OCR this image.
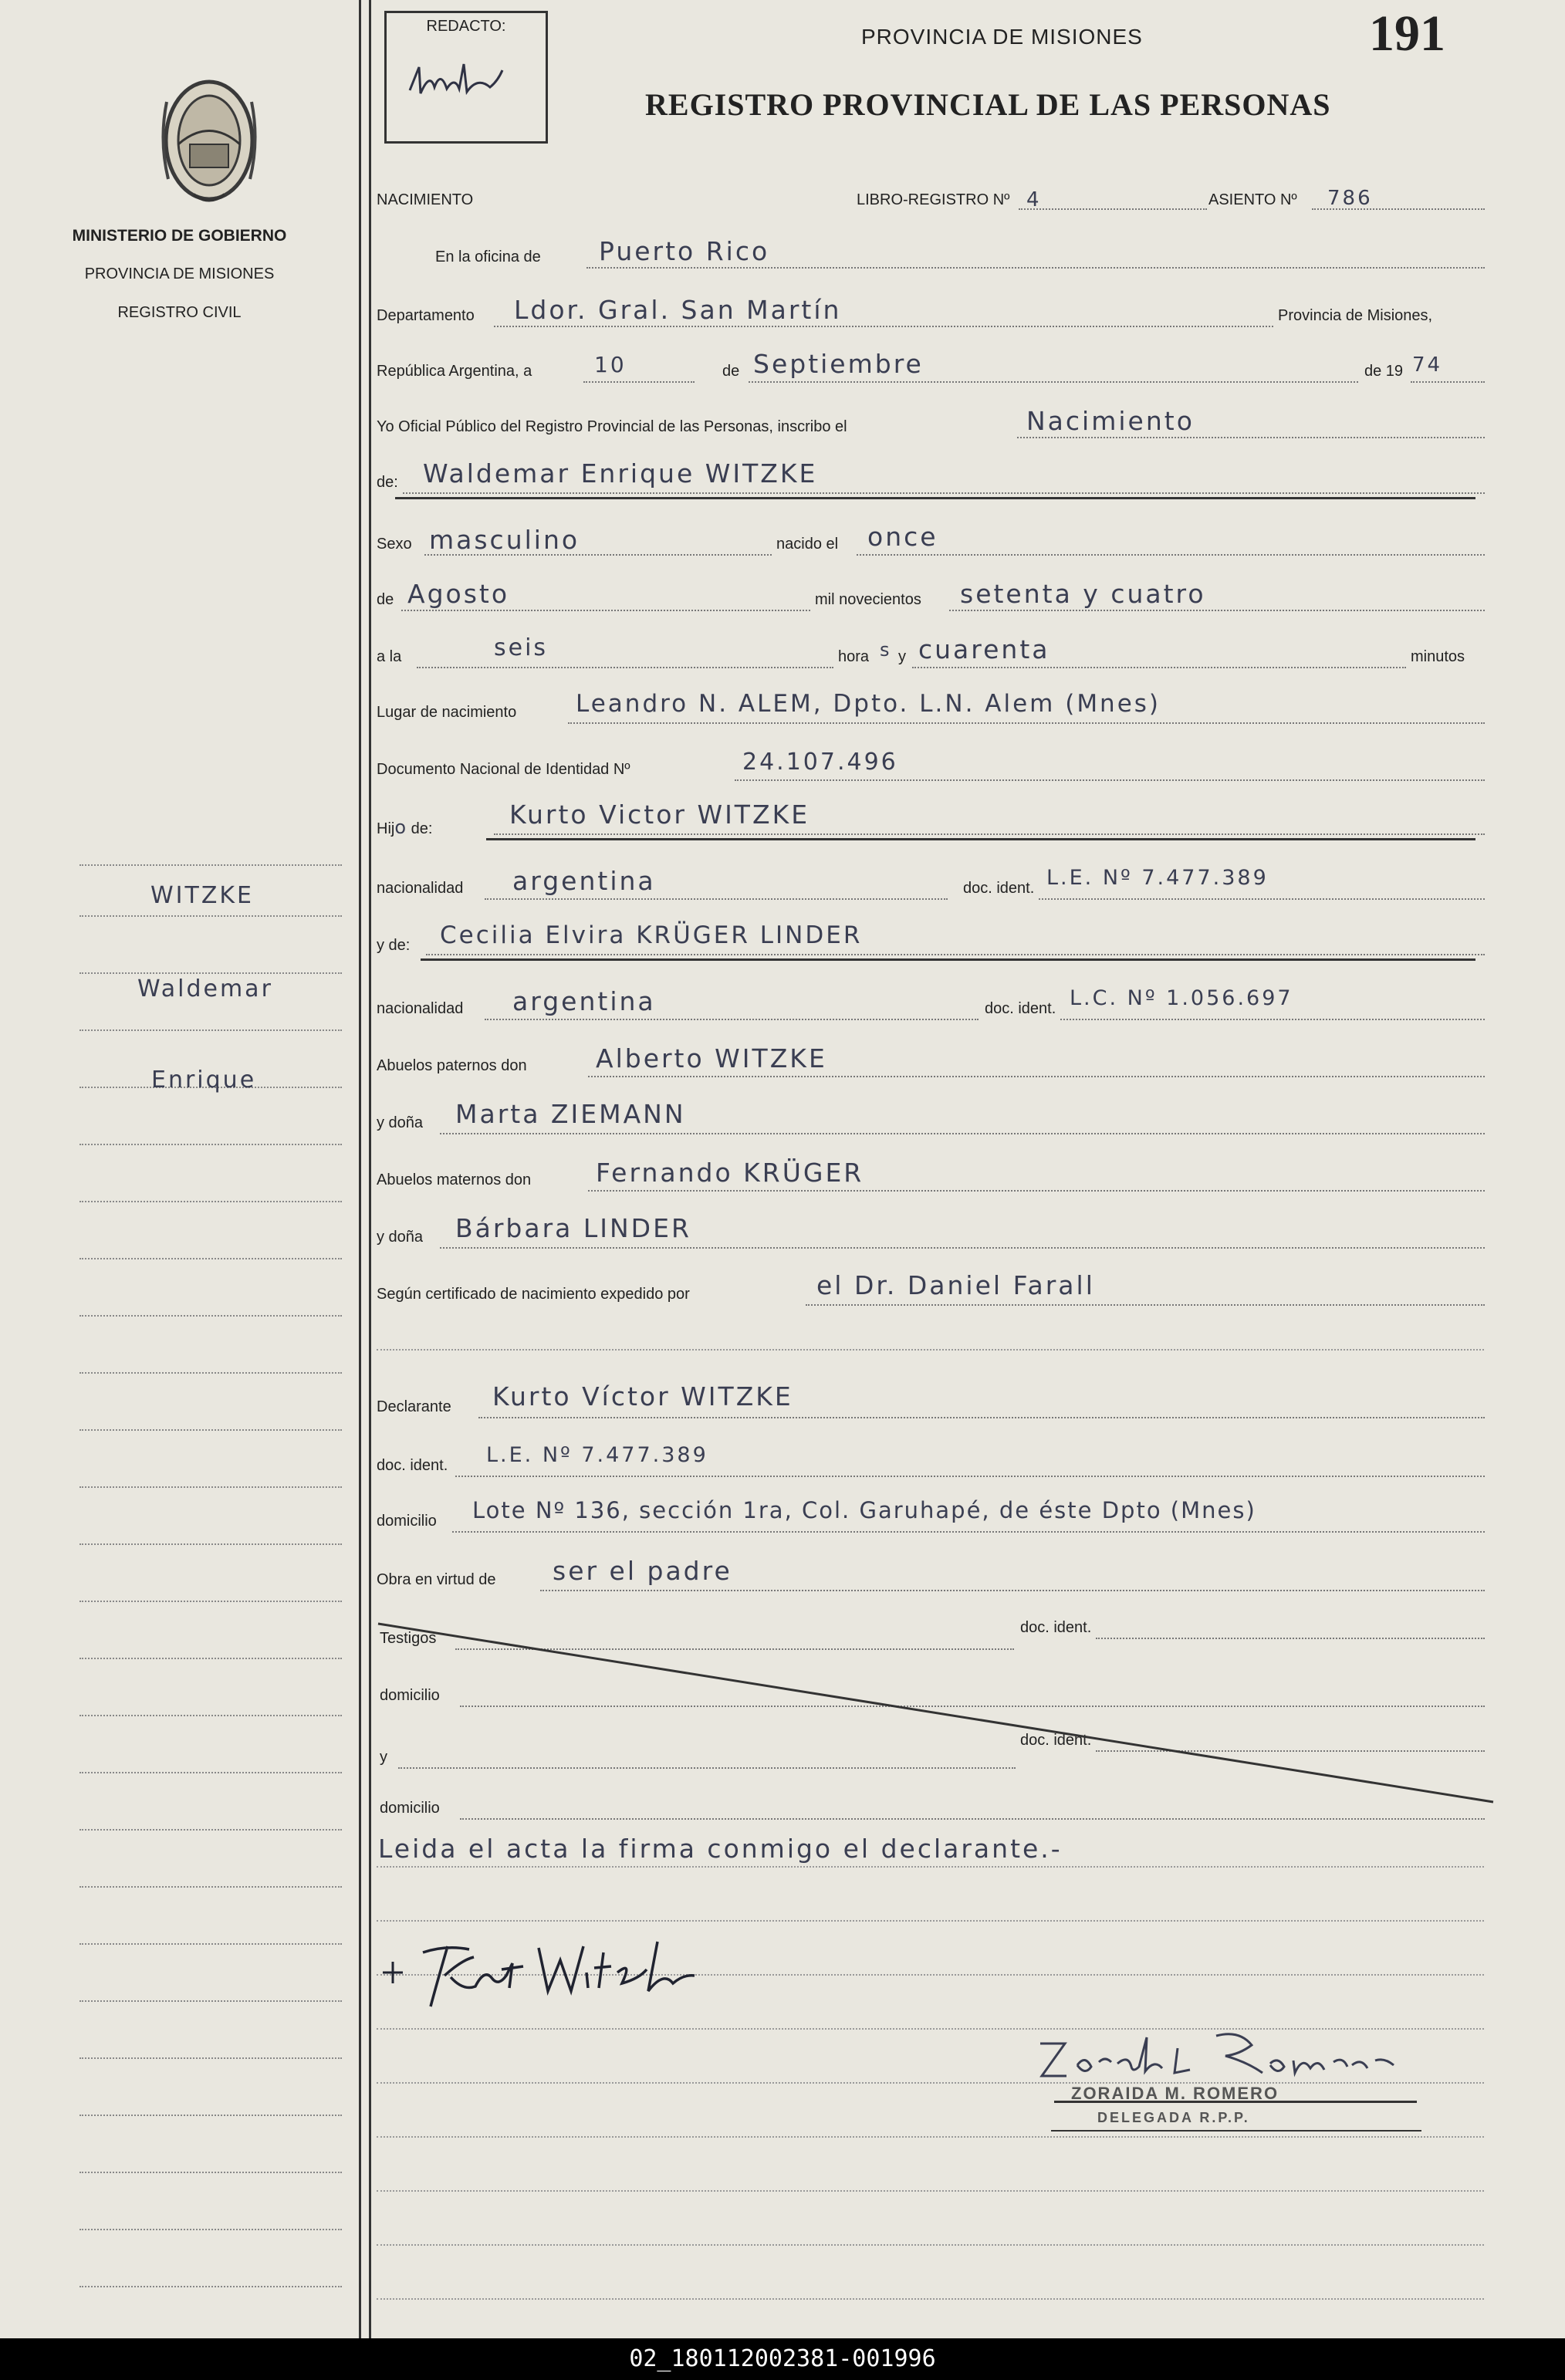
MINISTERIO DE GOBIERNO
PROVINCIA DE MISIONES
REGISTRO CIVIL
WITZKE
Waldemar
Enrique
REDACTO:	PROVINCIA DE MISIONES	191
REGISTRO PROVINCIAL DE LAS PERSONAS
NACIMIENTO	LIBRO-REGISTRO Nº 4	ASIENTO Nº 786
En la oficina de Puerto Rico
Departamento Ldor. Gral. San Martín	Provincia de Misiones,
República Argentina, a	10	de Septiembre	de 19 74
Yo Oficial Público del Registro Provincial de las Personas, inscribo el	Nacimiento
de: Waldemar Enrique WITZKE
Sexo masculino	nacido el once
de Agosto	mil novecientos setenta y cuatro
a la	seis	hora s y cuarenta	minutos
Lugar de nacimiento Leandro N. ALEM, Dpto. L.N. Alem (Mnes)
Documento Nacional de Identidad Nº	24.107.496
Hijo de:	Kurto Victor WITZKE
nacionalidad argentina	doc. ident. L.E. Nº 7.477.389
y de: Cecilia Elvira KRÜGER LINDER
nacionalidad argentina	doc. ident. L.C. Nº 1.056.697
Abuelos paternos don	Alberto WITZKE
y doña Marta ZIEMANN
Abuelos maternos don	Fernando KRÜGER
y doña Bárbara LINDER
Según certificado de nacimiento expedido por	el Dr. Daniel Farall
Declarante Kurto Víctor WITZKE
doc. ident. L.E. Nº 7.477.389
domicilio Lote Nº 136, sección 1ra, Col. Garuhapé, de éste Dpto (Mnes)
Obra en virtud de ser el padre
Testigos
doc. ident.
domicilio
y
doc. ident.
domicilio
Leida el acta la firma conmigo el declarante.-
ZORAIDA M. ROMERO
DELEGADA R.P.P.
02_180112002381-001996
